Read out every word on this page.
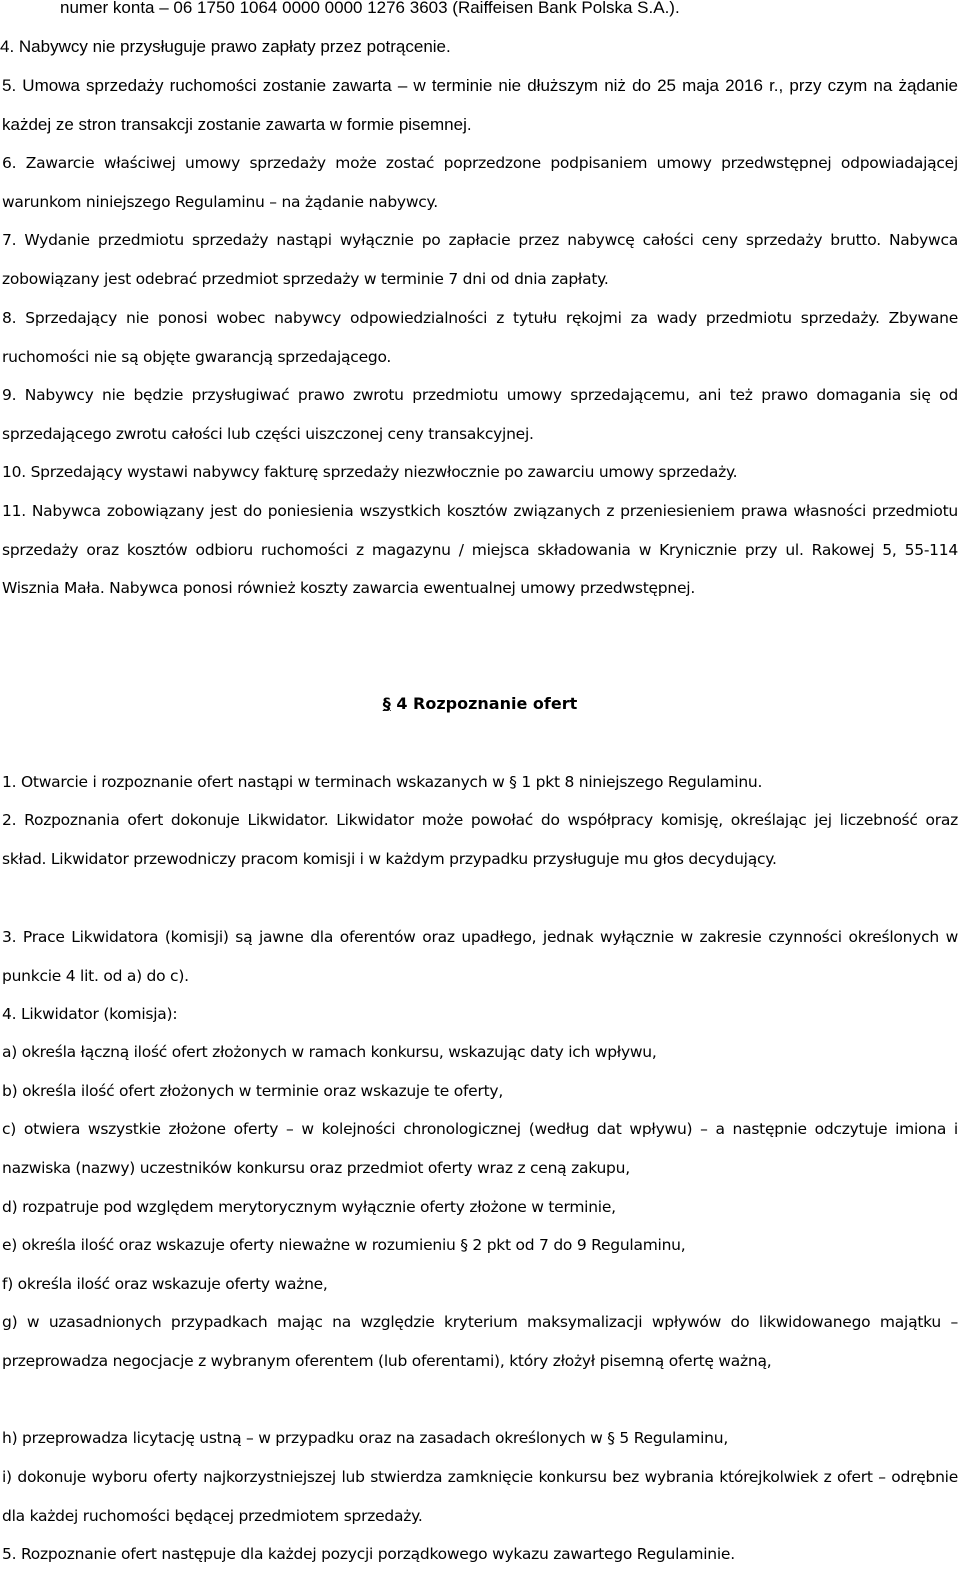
numer konta – 06 1750 1064 0000 0000 1276 3603 (Raiffeisen Bank Polska S.A.).

4. Nabywcy nie przysługuje prawo zapłaty przez potrącenie.

5. Umowa sprzedaży ruchomości zostanie zawarta – w terminie nie dłuższym niż do 25 maja 2016 r., przy czym na żądanie każdej ze stron transakcji zostanie zawarta w formie pisemnej.

6. Zawarcie właściwej umowy sprzedaży może zostać poprzedzone podpisaniem umowy przedwstępnej odpowiadającej warunkom niniejszego Regulaminu – na żądanie nabywcy.

7. Wydanie przedmiotu sprzedaży nastąpi wyłącznie po zapłacie przez nabywcę całości ceny sprzedaży brutto. Nabywca zobowiązany jest odebrać przedmiot sprzedaży w terminie 7 dni od dnia zapłaty.

8. Sprzedający nie ponosi wobec nabywcy odpowiedzialności z tytułu rękojmi za wady przedmiotu sprzedaży. Zbywane ruchomości nie są objęte gwarancją sprzedającego.

9. Nabywcy nie będzie przysługiwać prawo zwrotu przedmiotu umowy sprzedającemu, ani też prawo domagania się od sprzedającego zwrotu całości lub części uiszczonej ceny transakcyjnej.

10. Sprzedający wystawi nabywcy fakturę sprzedaży niezwłocznie po zawarciu umowy sprzedaży.

11. Nabywca zobowiązany jest do poniesienia wszystkich kosztów związanych z przeniesieniem prawa własności przedmiotu sprzedaży oraz kosztów odbioru ruchomości z magazynu / miejsca składowania w Krynicznie przy ul. Rakowej 5, 55-114 Wisznia Mała. Nabywca ponosi również koszty zawarcia ewentualnej umowy przedwstępnej.

§ 4 Rozpoznanie ofert

1. Otwarcie i rozpoznanie ofert nastąpi w terminach wskazanych w § 1 pkt 8 niniejszego Regulaminu.

2. Rozpoznania ofert dokonuje Likwidator. Likwidator może powołać do współpracy komisję, określając jej liczebność oraz skład. Likwidator przewodniczy pracom komisji i w każdym przypadku przysługuje mu głos decydujący.

3. Prace Likwidatora (komisji) są jawne dla oferentów oraz upadłego, jednak wyłącznie w zakresie czynności określonych w punkcie 4 lit. od a) do c).

4. Likwidator (komisja):

a) określa łączną ilość ofert złożonych w ramach konkursu, wskazując daty ich wpływu,

b) określa ilość ofert złożonych w terminie oraz wskazuje te oferty,

c) otwiera wszystkie złożone oferty – w kolejności chronologicznej (według dat wpływu) – a następnie odczytuje imiona i nazwiska (nazwy) uczestników konkursu oraz przedmiot oferty wraz z ceną zakupu,

d) rozpatruje pod względem merytorycznym wyłącznie oferty złożone w terminie,

e) określa ilość oraz wskazuje oferty nieważne w rozumieniu § 2 pkt od 7 do 9 Regulaminu,

f) określa ilość oraz wskazuje oferty ważne,

g) w uzasadnionych przypadkach mając na względzie kryterium maksymalizacji wpływów do likwidowanego majątku – przeprowadza negocjacje z wybranym oferentem (lub oferentami), który złożył pisemną ofertę ważną,

h) przeprowadza licytację ustną – w przypadku oraz na zasadach określonych w § 5 Regulaminu,

i) dokonuje wyboru oferty najkorzystniejszej lub stwierdza zamknięcie konkursu bez wybrania którejkolwiek z ofert – odrębnie dla każdej ruchomości będącej przedmiotem sprzedaży.

5. Rozpoznanie ofert następuje dla każdej pozycji porządkowego wykazu zawartego Regulaminie.
